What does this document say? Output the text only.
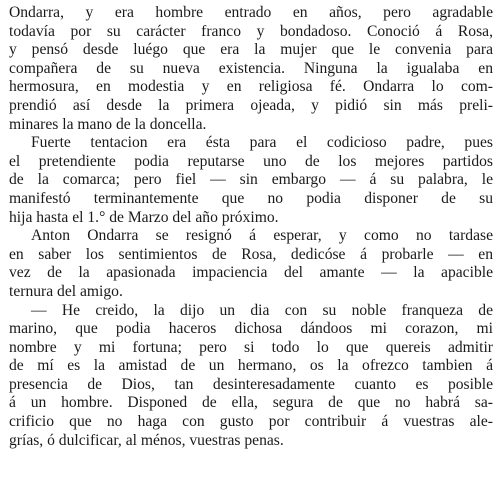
Ondarra, y era hombre entrado en años, pero agradable
todavía por su carácter franco y bondadoso. Conoció á Rosa,
y pensó desde luégo que era la mujer que le convenia para
compañera de su nueva existencia. Ninguna la igualaba en
hermosura, en modestia y en religiosa fé. Ondarra lo com-
prendió así desde la primera ojeada, y pidió sin más preli-
minares la mano de la doncella.
Fuerte tentacion era ésta para el codicioso padre, pues
el pretendiente podia reputarse uno de los mejores partidos
de la comarca; pero fiel — sin embargo — á su palabra, le
manifestó terminantemente que no podia disponer de su
hija hasta el 1.° de Marzo del año próximo.
Anton Ondarra se resignó á esperar, y como no tardase
en saber los sentimientos de Rosa, dedicóse á probarle — en
vez de la apasionada impaciencia del amante — la apacible
ternura del amigo.
— He creido, la dijo un dia con su noble franqueza de
marino, que podia haceros dichosa dándoos mi corazon, mi
nombre y mi fortuna; pero si todo lo que quereis admitir
de mí es la amistad de un hermano, os la ofrezco tambien á
presencia de Dios, tan desinteresadamente cuanto es posible
á un hombre. Disponed de ella, segura de que no habrá sa-
crificio que no haga con gusto por contribuir á vuestras ale-
grías, ó dulcificar, al ménos, vuestras penas.
